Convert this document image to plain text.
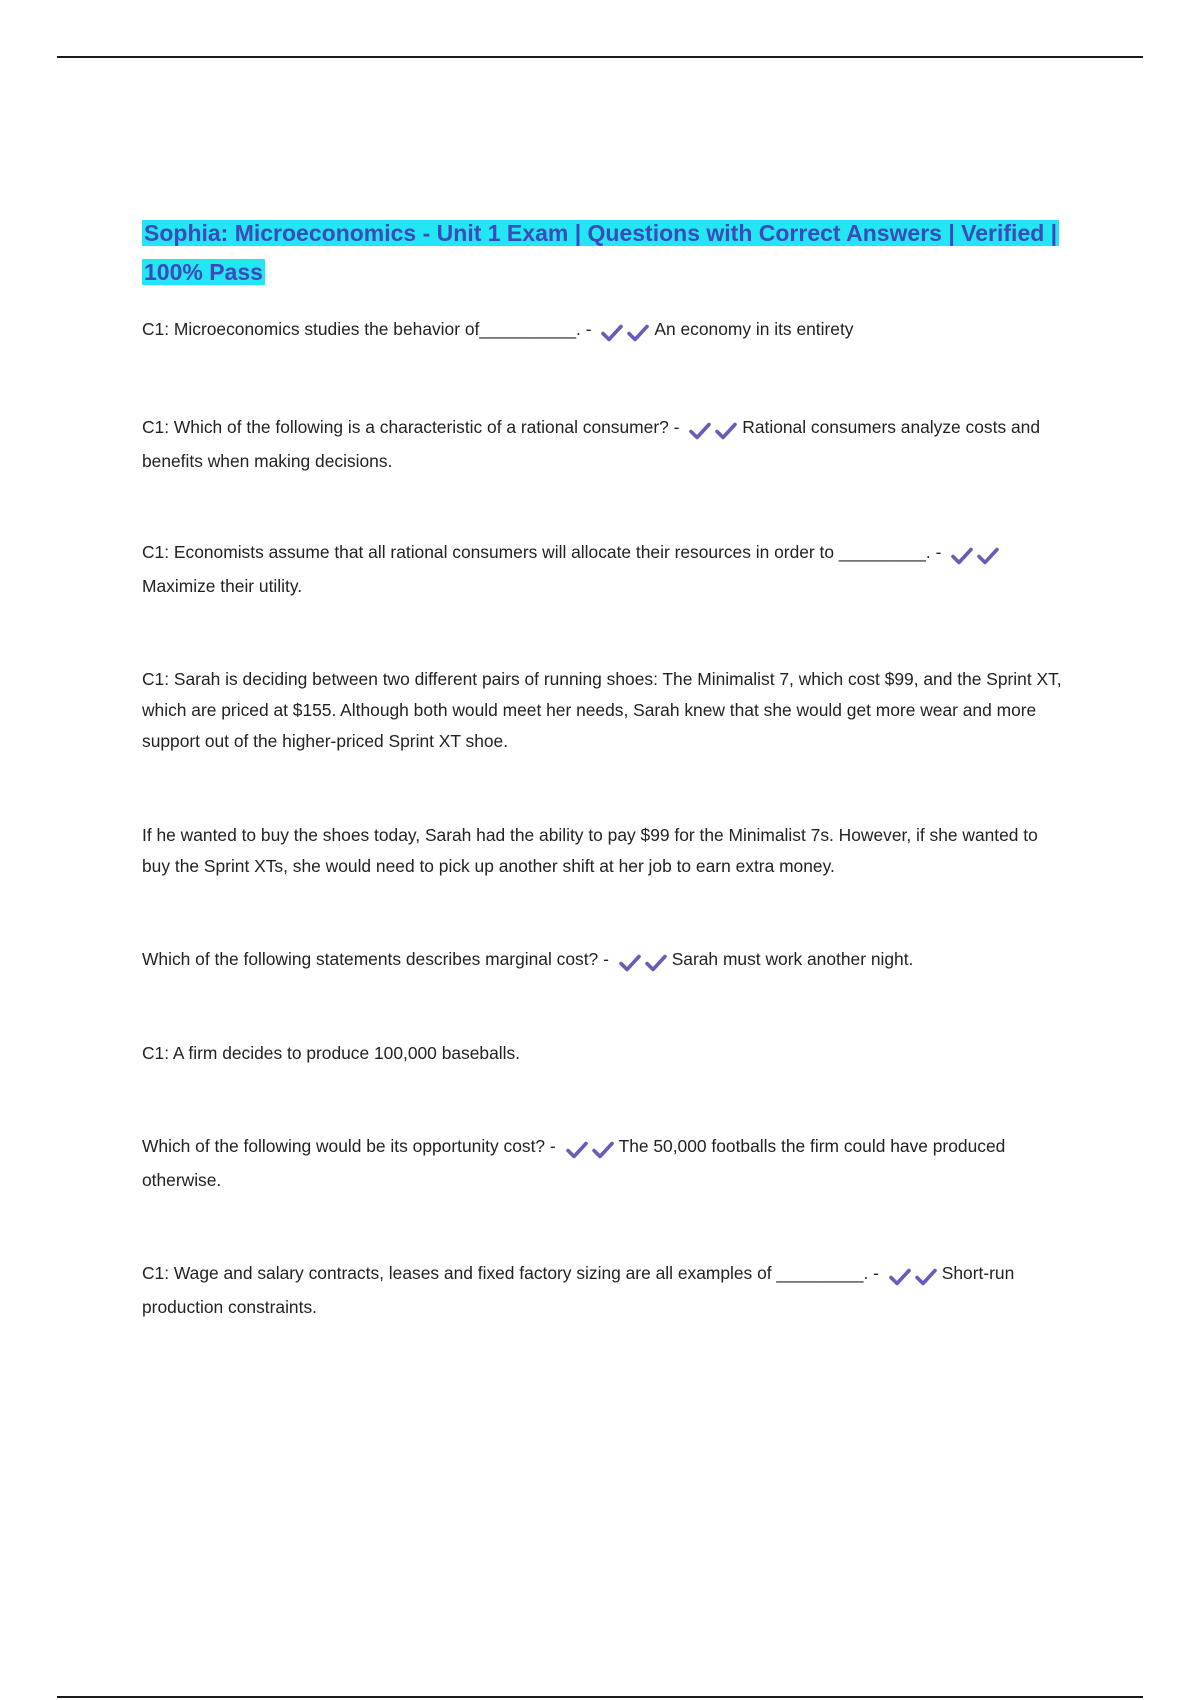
Sophia: Microeconomics - Unit 1 Exam | Questions with Correct Answers | Verified | 100% Pass

C1: Microeconomics studies the behavior of__________. -	An economy in its entirety

C1: Which of the following is a characteristic of a rational consumer? -	Rational consumers analyze costs and benefits when making decisions.

C1: Economists assume that all rational consumers will allocate their resources in order to _________. - Maximize their utility.

C1: Sarah is deciding between two different pairs of running shoes: The Minimalist 7, which cost $99, and the Sprint XT, which are priced at $155. Although both would meet her needs, Sarah knew that she would get more wear and more support out of the higher-priced Sprint XT shoe.

If he wanted to buy the shoes today, Sarah had the ability to pay $99 for the Minimalist 7s. However, if she wanted to buy the Sprint XTs, she would need to pick up another shift at her job to earn extra money.

Which of the following statements describes marginal cost? -	Sarah must work another night.

C1: A firm decides to produce 100,000 baseballs.

Which of the following would be its opportunity cost? -	The 50,000 footballs the firm could have produced otherwise.

C1: Wage and salary contracts, leases and fixed factory sizing are all examples of _________. -	Short-run production constraints.
